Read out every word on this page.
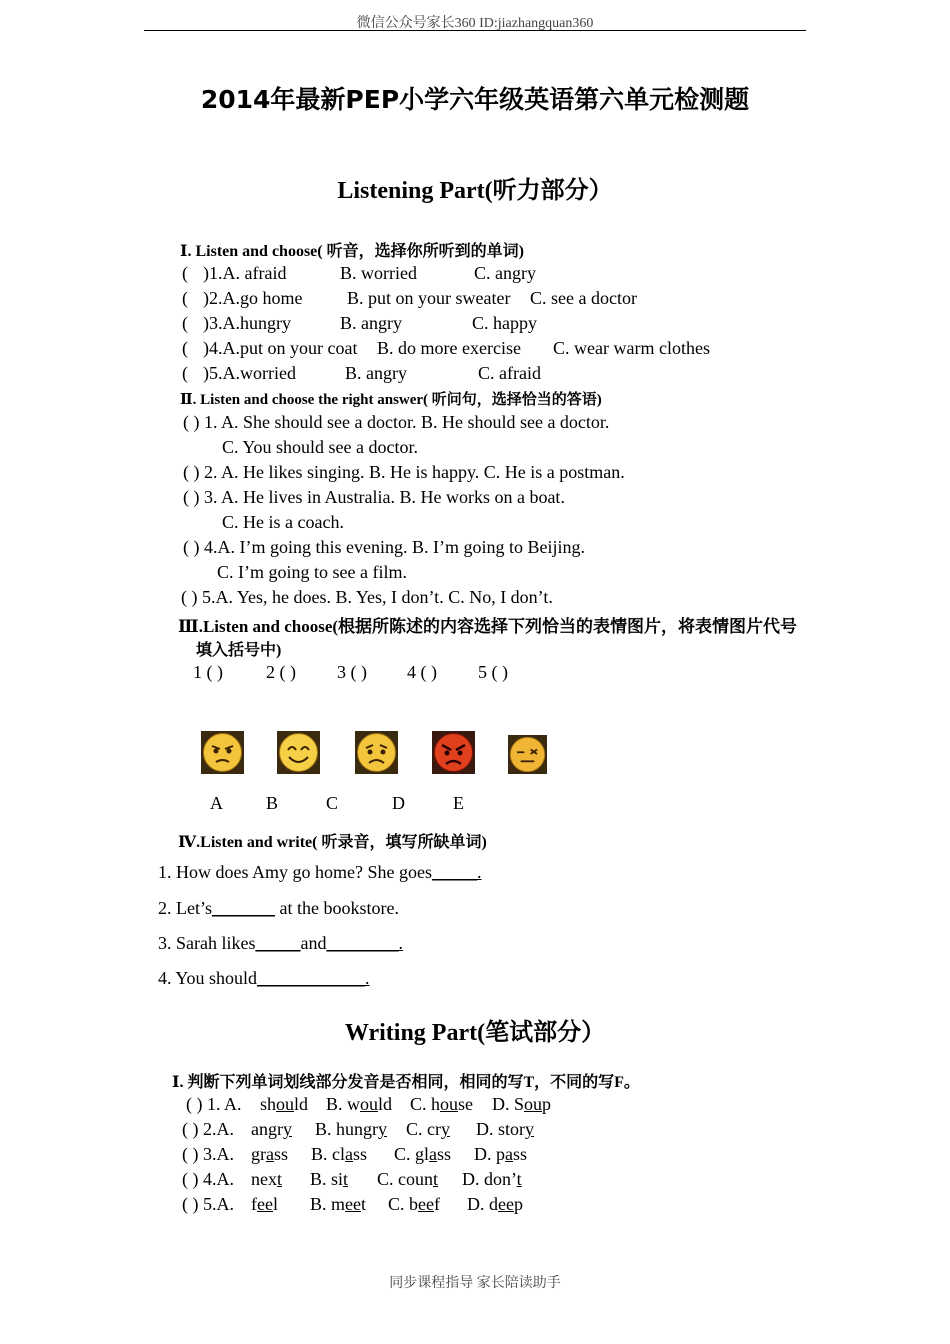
微信公众号家长360 ID:jiazhangquan360
2014年最新PEP小学六年级英语第六单元检测题
Listening Part(听力部分）
Ⅰ. Listen and choose( 听音，选择你所听到的单词)
( )1.A. afraid	B. worried	C. angry
( )2.A.go home B. put on your sweater C. see a doctor
( )3.A.hungry	B. angry	C. happy
( )4.A.put on your coat B. do more exercise C. wear warm clothes
( )5.A.worried	B. angry	C. afraid
Ⅱ. Listen and choose the right answer( 听问句，选择恰当的答语)
( ) 1. A. She should see a doctor. B. He should see a doctor.
C. You should see a doctor.
( ) 2. A. He likes singing. B. He is happy. C. He is a postman.
( ) 3. A. He lives in Australia. B. He works on a boat.
C. He is a coach.
( ) 4.A. I’m going this evening. B. I’m going to Beijing.
C. I’m going to see a film.
( ) 5.A. Yes, he does. B. Yes, I don’t. C. No, I don’t.
Ⅲ.Listen and choose(根据所陈述的内容选择下列恰当的表情图片，将表情图片代号
填入括号中)
1 ( ) 2 ( ) 3 ( ) 4 ( ) 5 ( )
A B	C	D	E
Ⅳ.Listen and write( 听录音，填写所缺单词)
1. How does Amy go home? She goes_____.
2. Let’s_______ at the bookstore.
3. Sarah likes_____and________.
4. You should____________.
Writing Part(笔试部分）
Ⅰ. 判断下列单词划线部分发音是否相同，相同的写T，不同的写F。
( ) 1. A. should B. would C. house D. Soup
( ) 2.A. angry B. hungry C. cry D. story
( ) 3.A. grass B. class C. glass D. pass
( ) 4.A. next B. sit C. count D. don’t
( ) 5.A. feel B. meet C. beef D. deep
同步课程指导 家长陪读助手
